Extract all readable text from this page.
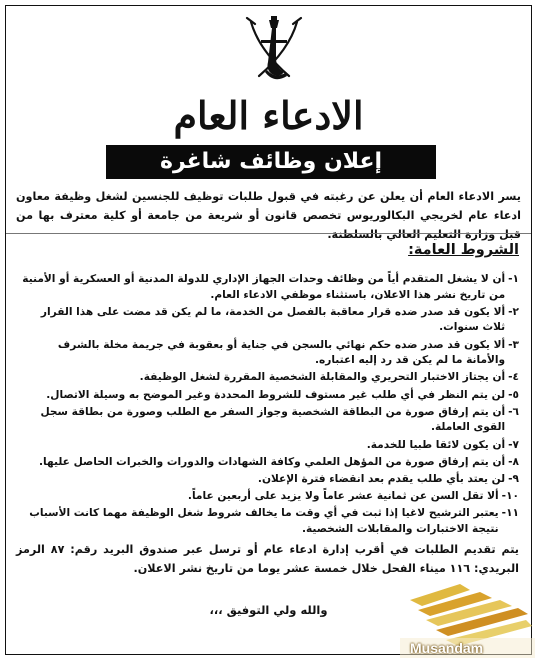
الادعاء العام
إعلان وظائف شاغرة
يسر الادعاء العام أن يعلن عن رغبته في قبول طلبات توظيف للجنسين لشغل وظيفة معاون ادعاء عام لخريجي البكالوريوس تخصص قانون أو شريعة من جامعة أو كلية معترف بها من قبل وزارة التعليم العالي بالسلطنة.
الشروط العامة:
١-
أن لا يشغل المتقدم أياً من وظائف وحدات الجهاز الإداري للدولة المدنية أو العسكرية أو الأمنية من تاريخ نشر هذا الاعلان، باستثناء موظفي الادعاء العام.
٢-
ألا يكون قد صدر ضده قرار معاقبة بالفصل من الخدمة، ما لم يكن قد مضت على هذا القرار ثلاث سنوات.
٣-
ألا يكون قد صدر ضده حكم نهائي بالسجن في جناية أو بعقوبة في جريمة مخلة بالشرف والأمانة ما لم يكن قد رد إليه اعتباره.
٤-
أن يجتاز الاختبار التحريري والمقابلة الشخصية المقررة لشغل الوظيفة.
٥-
لن يتم النظر في أي طلب غير مستوف للشروط المحددة وغير الموضح به وسيلة الاتصال.
٦-
أن يتم إرفاق صورة من البطاقة الشخصية وجواز السفر مع الطلب وصورة من بطاقة سجل القوى العاملة.
٧-
أن يكون لائقا طبيا للخدمة.
٨-
أن يتم إرفاق صورة من المؤهل العلمي وكافة الشهادات والدورات والخبرات الحاصل عليها.
٩-
لن يعتد بأي طلب يقدم بعد انقضاء فترة الإعلان.
١٠-
ألا تقل السن عن ثمانية عشر عاماً ولا يزيد على أربعين عاماً.
١١-
يعتبر الترشيح لاغيا إذا ثبت في أي وقت ما يخالف شروط شغل الوظيفة مهما كانت الأسباب نتيجة الاختبارات والمقابلات الشخصية.
يتم تقديم الطلبات في أقرب إدارة ادعاء عام أو ترسل عبر صندوق البريد رقم: ٨٧ الرمز البريدي: ١١٦ ميناء الفحل خلال خمسة عشر يوما من تاريخ نشر الاعلان.
والله ولي التوفيق ،،،
Musandam
